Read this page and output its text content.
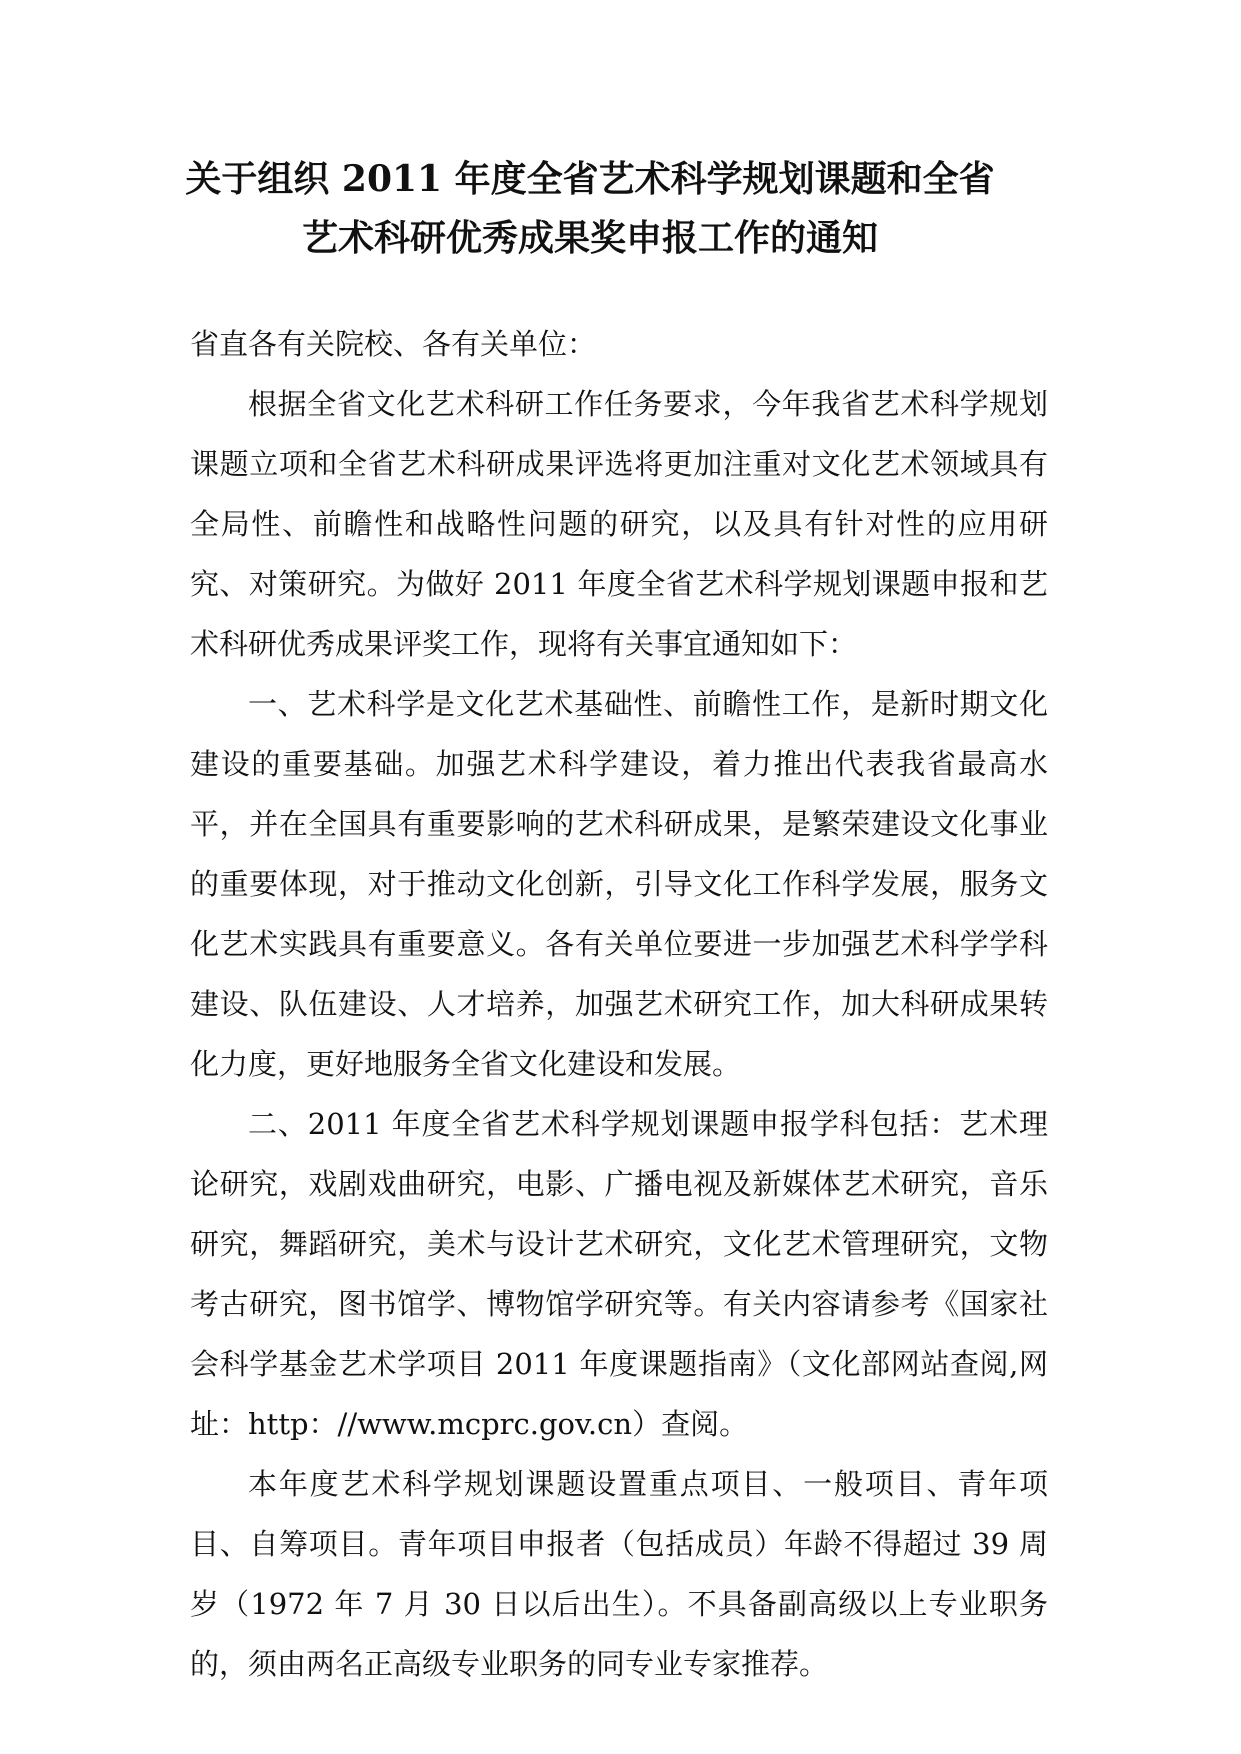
关于组织 2011 年度全省艺术科学规划课题和全省
艺术科研优秀成果奖申报工作的通知

省直各有关院校、各有关单位：

根据全省文化艺术科研工作任务要求，今年我省艺术科学规划课题立项和全省艺术科研成果评选将更加注重对文化艺术领域具有全局性、前瞻性和战略性问题的研究，以及具有针对性的应用研究、对策研究。为做好 2011 年度全省艺术科学规划课题申报和艺术科研优秀成果评奖工作，现将有关事宜通知如下：

一、艺术科学是文化艺术基础性、前瞻性工作，是新时期文化建设的重要基础。加强艺术科学建设，着力推出代表我省最高水平，并在全国具有重要影响的艺术科研成果，是繁荣建设文化事业的重要体现，对于推动文化创新，引导文化工作科学发展，服务文化艺术实践具有重要意义。各有关单位要进一步加强艺术科学学科建设、队伍建设、人才培养，加强艺术研究工作，加大科研成果转化力度，更好地服务全省文化建设和发展。

二、2011 年度全省艺术科学规划课题申报学科包括：艺术理论研究，戏剧戏曲研究，电影、广播电视及新媒体艺术研究，音乐研究，舞蹈研究，美术与设计艺术研究，文化艺术管理研究，文物考古研究，图书馆学、博物馆学研究等。有关内容请参考《国家社会科学基金艺术学项目 2011 年度课题指南》（文化部网站查阅,网址：http：//www.mcprc.gov.cn）查阅。

本年度艺术科学规划课题设置重点项目、一般项目、青年项目、自筹项目。青年项目申报者（包括成员）年龄不得超过 39 周岁（1972 年 7 月 30 日以后出生）。不具备副高级以上专业职务的，须由两名正高级专业职务的同专业专家推荐。
